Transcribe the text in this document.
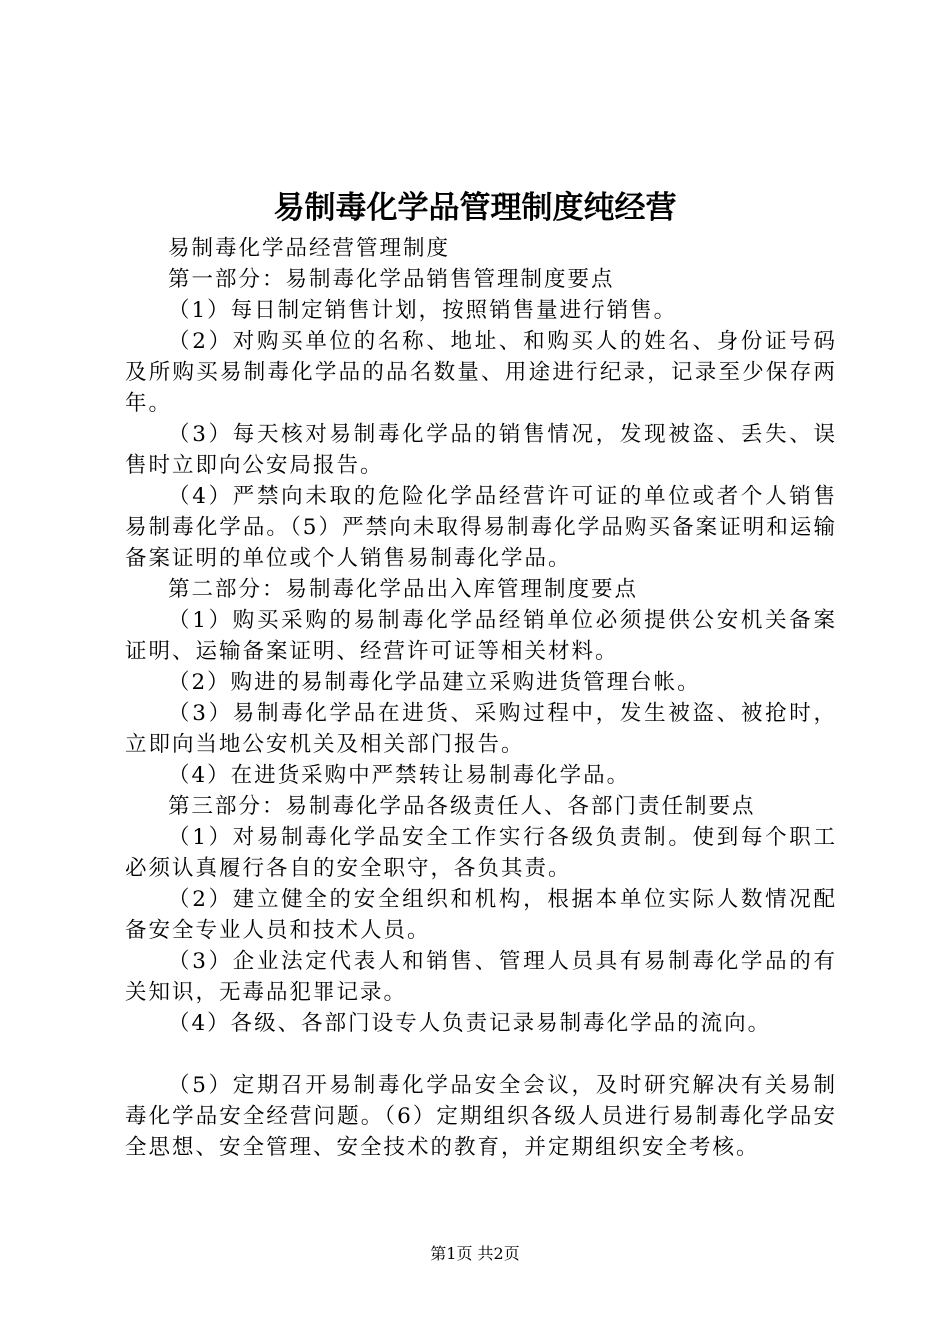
易制毒化学品管理制度纯经营

易制毒化学品经营管理制度

第一部分：易制毒化学品销售管理制度要点

（1）每日制定销售计划，按照销售量进行销售。

（2）对购买单位的名称、地址、和购买人的姓名、身份证号码及所购买易制毒化学品的品名数量、用途进行纪录，记录至少保存两年。

（3）每天核对易制毒化学品的销售情况，发现被盗、丢失、误售时立即向公安局报告。

（4）严禁向未取的危险化学品经营许可证的单位或者个人销售易制毒化学品。（5）严禁向未取得易制毒化学品购买备案证明和运输备案证明的单位或个人销售易制毒化学品。

第二部分：易制毒化学品出入库管理制度要点

（1）购买采购的易制毒化学品经销单位必须提供公安机关备案证明、运输备案证明、经营许可证等相关材料。

（2）购进的易制毒化学品建立采购进货管理台帐。

（3）易制毒化学品在进货、采购过程中，发生被盗、被抢时，立即向当地公安机关及相关部门报告。

（4）在进货采购中严禁转让易制毒化学品。

第三部分：易制毒化学品各级责任人、各部门责任制要点

（1）对易制毒化学品安全工作实行各级负责制。使到每个职工必须认真履行各自的安全职守，各负其责。

（2）建立健全的安全组织和机构，根据本单位实际人数情况配备安全专业人员和技术人员。

（3）企业法定代表人和销售、管理人员具有易制毒化学品的有关知识，无毒品犯罪记录。

（4）各级、各部门设专人负责记录易制毒化学品的流向。

（5）定期召开易制毒化学品安全会议，及时研究解决有关易制毒化学品安全经营问题。（6）定期组织各级人员进行易制毒化学品安全思想、安全管理、安全技术的教育，并定期组织安全考核。

第1页 共2页
